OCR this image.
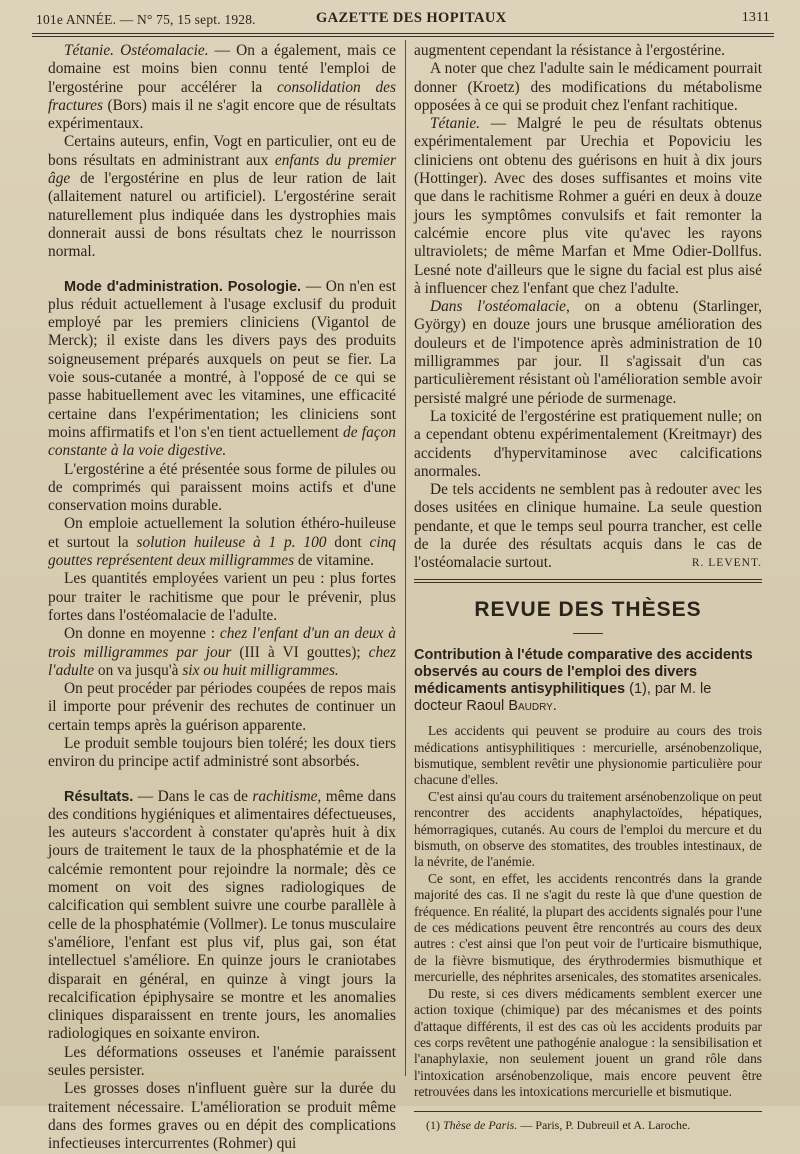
101e ANNÉE. — N° 75, 15 sept. 1928.	GAZETTE DES HOPITAUX	1311

Tétanie. Ostéomalacie. — On a également, mais ce domaine est moins bien connu tenté l'emploi de l'ergostérine pour accélérer la consolidation des fractures (Bors) mais il ne s'agit encore que de résultats expérimentaux.

Certains auteurs, enfin, Vogt en particulier, ont eu de bons résultats en administrant aux enfants du premier âge de l'ergostérine en plus de leur ration de lait (allaitement naturel ou artificiel). L'ergostérine serait naturellement plus indiquée dans les dystrophies mais donnerait aussi de bons résultats chez le nourrisson normal.

Mode d'administration. Posologie. — On n'en est plus réduit actuellement à l'usage exclusif du produit employé par les premiers cliniciens (Vigantol de Merck); il existe dans les divers pays des produits soigneusement préparés auxquels on peut se fier. La voie sous-cutanée a montré, à l'opposé de ce qui se passe habituellement avec les vitamines, une efficacité certaine dans l'expérimentation; les cliniciens sont moins affirmatifs et l'on s'en tient actuellement de façon constante à la voie digestive.

L'ergostérine a été présentée sous forme de pilules ou de comprimés qui paraissent moins actifs et d'une conservation moins durable.

On emploie actuellement la solution éthéro-huileuse et surtout la solution huileuse à 1 p. 100 dont cinq gouttes représentent deux milligrammes de vitamine.

Les quantités employées varient un peu : plus fortes pour traiter le rachitisme que pour le prévenir, plus fortes dans l'ostéomalacie de l'adulte.

On donne en moyenne : chez l'enfant d'un an deux à trois milligrammes par jour (III à VI gouttes); chez l'adulte on va jusqu'à six ou huit milligrammes.

On peut procéder par périodes coupées de repos mais il importe pour prévenir des rechutes de continuer un certain temps après la guérison apparente.

Le produit semble toujours bien toléré; les doux tiers environ du principe actif administré sont absorbés.

Résultats. — Dans le cas de rachitisme, même dans des conditions hygiéniques et alimentaires défectueuses, les auteurs s'accordent à constater qu'après huit à dix jours de traitement le taux de la phosphatémie et de la calcémie remontent pour rejoindre la normale; dès ce moment on voit des signes radiologiques de calcification qui semblent suivre une courbe parallèle à celle de la phosphatémie (Vollmer). Le tonus musculaire s'améliore, l'enfant est plus vif, plus gai, son état intellectuel s'améliore. En quinze jours le craniotabes disparait en général, en quinze à vingt jours la recalcification épiphysaire se montre et les anomalies cliniques disparaissent en trente jours, les anomalies radiologiques en soixante environ.

Les déformations osseuses et l'anémie paraissent seules persister.

Les grosses doses n'influent guère sur la durée du traitement nécessaire. L'amélioration se produit même dans des formes graves ou en dépit des complications infectieuses intercurrentes (Rohmer) qui

augmentent cependant la résistance à l'ergostérine.

A noter que chez l'adulte sain le médicament pourrait donner (Kroetz) des modifications du métabolisme opposées à ce qui se produit chez l'enfant rachitique.

Tétanie. — Malgré le peu de résultats obtenus expérimentalement par Urechia et Popoviciu les cliniciens ont obtenu des guérisons en huit à dix jours (Hottinger). Avec des doses suffisantes et moins vite que dans le rachitisme Rohmer a guéri en deux à douze jours les symptômes convulsifs et fait remonter la calcémie encore plus vite qu'avec les rayons ultraviolets; de même Marfan et Mme Odier-Dollfus. Lesné note d'ailleurs que le signe du facial est plus aisé à influencer chez l'enfant que chez l'adulte.

Dans l'ostéomalacie, on a obtenu (Starlinger, György) en douze jours une brusque amélioration des douleurs et de l'impotence après administration de 10 milligrammes par jour. Il s'agissait d'un cas particulièrement résistant où l'amélioration semble avoir persisté malgré une période de surmenage.

La toxicité de l'ergostérine est pratiquement nulle; on a cependant obtenu expérimentalement (Kreitmayr) des accidents d'hypervitaminose avec calcifications anormales.

De tels accidents ne semblent pas à redouter avec les doses usitées en clinique humaine. La seule question pendante, et que le temps seul pourra trancher, est celle de la durée des résultats acquis dans le cas de l'ostéomalacie surtout.	R. LEVENT.

REVUE DES THÈSES

Contribution à l'étude comparative des accidents observés au cours de l'emploi des divers médicaments antisyphilitiques (1), par M. le docteur Raoul Baudry.

Les accidents qui peuvent se produire au cours des trois médications antisyphilitiques : mercurielle, arsénobenzolique, bismutique, semblent revêtir une physionomie particulière pour chacune d'elles.

C'est ainsi qu'au cours du traitement arsénobenzolique on peut rencontrer des accidents anaphylactoïdes, hépatiques, hémorragiques, cutanés. Au cours de l'emploi du mercure et du bismuth, on observe des stomatites, des troubles intestinaux, de la névrite, de l'anémie.

Ce sont, en effet, les accidents rencontrés dans la grande majorité des cas. Il ne s'agit du reste là que d'une question de fréquence. En réalité, la plupart des accidents signalés pour l'une de ces médications peuvent être rencontrés au cours des deux autres : c'est ainsi que l'on peut voir de l'urticaire bismuthique, de la fièvre bismutique, des érythrodermies bismuthique et mercurielle, des néphrites arsenicales, des stomatites arsenicales.

Du reste, si ces divers médicaments semblent exercer une action toxique (chimique) par des mécanismes et des points d'attaque différents, il est des cas où les accidents produits par ces corps revêtent une pathogénie analogue : la sensibilisation et l'anaphylaxie, non seulement jouent un grand rôle dans l'intoxication arsénobenzolique, mais encore peuvent être retrouvées dans les intoxications mercurielle et bismutique.

(1) Thèse de Paris. — Paris, P. Dubreuil et A. Laroche.
